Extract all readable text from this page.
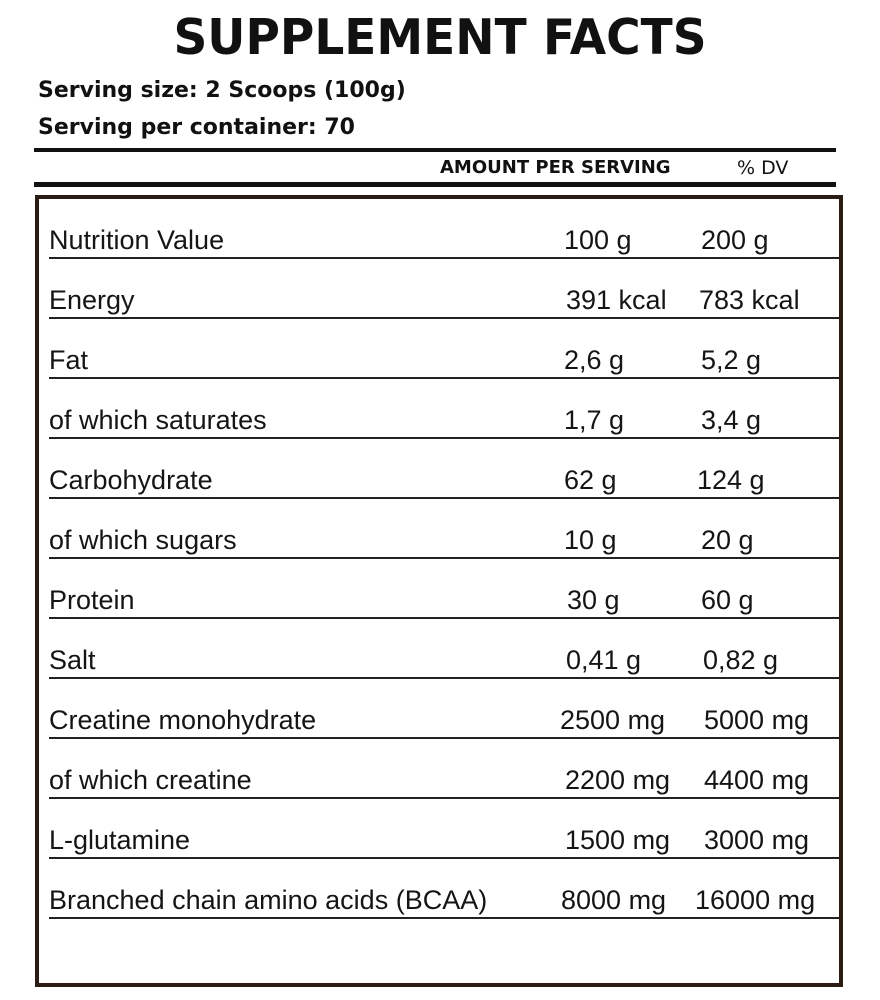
SUPPLEMENT FACTS
Serving size: 2 Scoops (100g)
Serving per container: 70
AMOUNT PER SERVING	% DV
Nutrition Value	100 g	200 g
Energy	391 kcal 783 kcal
Fat	2,6 g	5,2 g
of which saturates	1,7 g	3,4 g
Carbohydrate	62 g	124 g
of which sugars	10 g	20 g
Protein	30 g	60 g
Salt	0,41 g 0,82 g
Creatine monohydrate	2500 mg 5000 mg
of which creatine	2200 mg 4400 mg
L-glutamine	1500 mg 3000 mg
Branched chain amino acids (BCAA)	8000 mg 16000 mg
